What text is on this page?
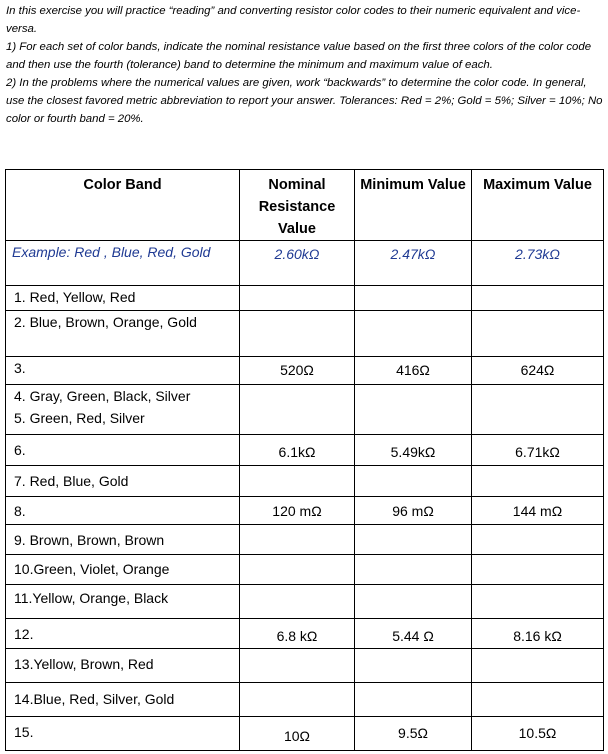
In this exercise you will practice “reading” and converting resistor color codes to their numeric equivalent and vice-versa.

1) For each set of color bands, indicate the nominal resistance value based on the first three colors of the color code and then use the fourth (tolerance) band to determine the minimum and maximum value of each.

2) In the problems where the numerical values are given, work “backwards” to determine the color code. In general, use the closest favored metric abbreviation to report your answer. Tolerances: Red = 2%; Gold = 5%; Silver = 10%; No color or fourth band = 20%.

Color Band	Nominal Resistance Value	Minimum Value	Maximum Value
Example: Red , Blue, Red, Gold	2.60kΩ	2.47kΩ	2.73kΩ
1. Red, Yellow, Red			
2. Blue, Brown, Orange, Gold			
3.	520Ω	416Ω	624Ω

4. Gray, Green, Black, Silver
5. Green, Red, Silver			

6.	6.1kΩ	5.49kΩ	6.71kΩ
7. Red, Blue, Gold			
8.	120 mΩ	96 mΩ	144 mΩ
9. Brown, Brown, Brown			
10.Green, Violet, Orange			
11.Yellow, Orange, Black			
12.	6.8 kΩ	5.44 Ω	8.16 kΩ
13.Yellow, Brown, Red			
14.Blue, Red, Silver, Gold			
15.	10Ω	9.5Ω	10.5Ω
